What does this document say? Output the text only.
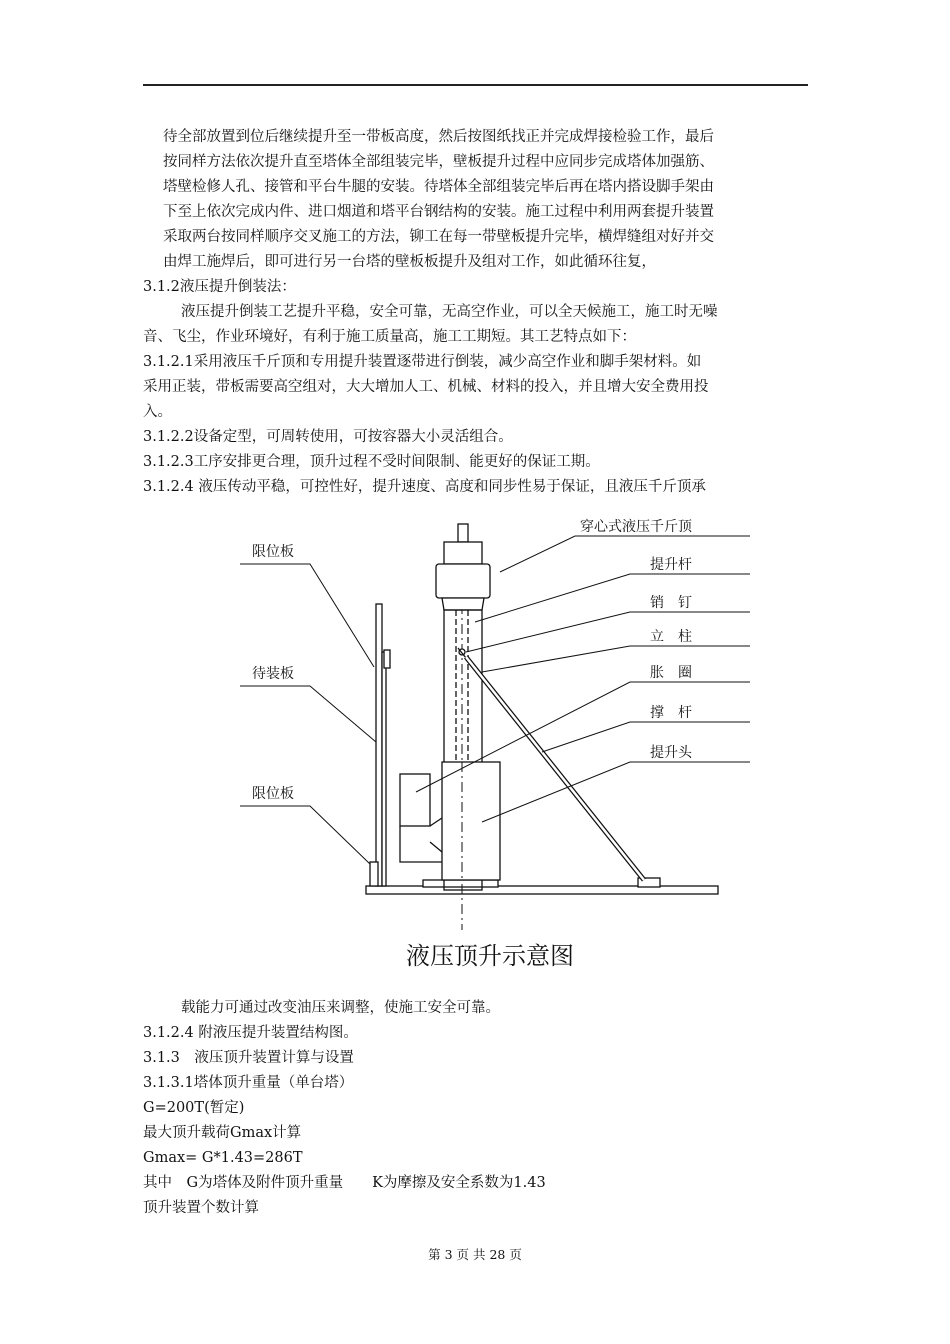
待全部放置到位后继续提升至一带板高度，然后按图纸找正并完成焊接检验工作，最后
按同样方法依次提升直至塔体全部组装完毕，壁板提升过程中应同步完成塔体加强筋、
塔壁检修人孔、接管和平台牛腿的安装。待塔体全部组装完毕后再在塔内搭设脚手架由
下至上依次完成内件、进口烟道和塔平台钢结构的安装。施工过程中利用两套提升装置
采取两台按同样顺序交叉施工的方法，铆工在每一带壁板提升完毕，横焊缝组对好并交
由焊工施焊后，即可进行另一台塔的壁板板提升及组对工作，如此循环往复，
3.1.2液压提升倒装法：
液压提升倒装工艺提升平稳，安全可靠，无高空作业，可以全天候施工，施工时无噪
音、飞尘，作业环境好，有利于施工质量高，施工工期短。其工艺特点如下：
3.1.2.1采用液压千斤顶和专用提升装置逐带进行倒装，减少高空作业和脚手架材料。如
采用正装，带板需要高空组对，大大增加人工、机械、材料的投入，并且增大安全费用投
入。
3.1.2.2设备定型，可周转使用，可按容器大小灵活组合。
3.1.2.3工序安排更合理，顶升过程不受时间限制、能更好的保证工期。
3.1.2.4 液压传动平稳，可控性好，提升速度、高度和同步性易于保证，且液压千斤顶承
限位板
待装板
限位板
穿心式液压千斤顶
提升杆
销　钉
立　柱
胀　圈
撑　杆
提升头
液压顶升示意图
载能力可通过改变油压来调整，使施工安全可靠。
3.1.2.4 附液压提升装置结构图。
3.1.3　液压顶升装置计算与设置
3.1.3.1塔体顶升重量（单台塔）
G=200T(暂定)
最大顶升载荷Gmax计算
Gmax= G*1.43=286T
其中　G为塔体及附件顶升重量　　K为摩擦及安全系数为1.43
顶升装置个数计算
第 3 页 共 28 页
